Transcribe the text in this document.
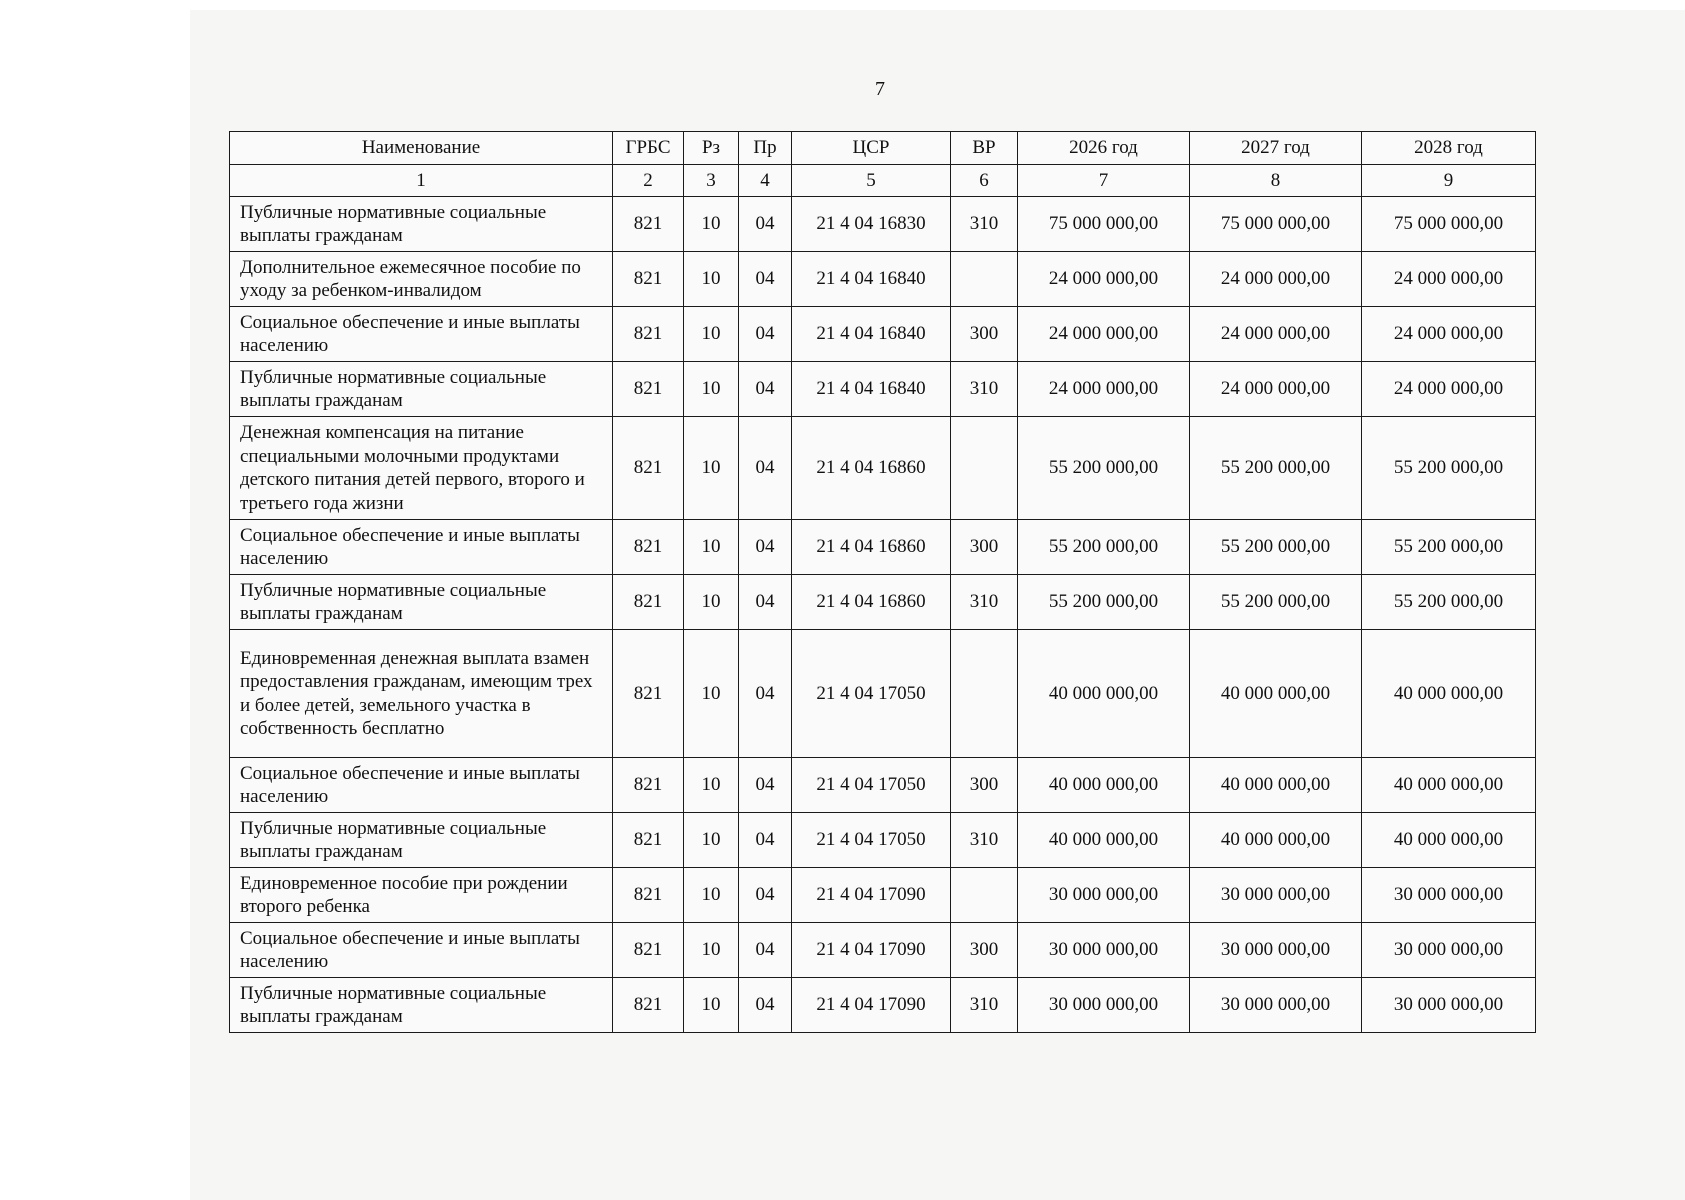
7
Наименование	ГРБС	Рз	Пр	ЦСР	ВР	2026 год	2027 год	2028 год
1	2	3	4	5	6	7	8	9
Публичные нормативные социальные выплаты гражданам	821	10	04	21 4 04 16830	310	75 000 000,00	75 000 000,00	75 000 000,00
Дополнительное ежемесячное пособие по уходу за ребенком-инвалидом	821	10	04	21 4 04 16840		24 000 000,00	24 000 000,00	24 000 000,00
Социальное обеспечение и иные выплаты населению	821	10	04	21 4 04 16840	300	24 000 000,00	24 000 000,00	24 000 000,00
Публичные нормативные социальные выплаты гражданам	821	10	04	21 4 04 16840	310	24 000 000,00	24 000 000,00	24 000 000,00
Денежная компенсация на питание специальными молочными продуктами детского питания детей первого, второго и третьего года жизни	821	10	04	21 4 04 16860		55 200 000,00	55 200 000,00	55 200 000,00
Социальное обеспечение и иные выплаты населению	821	10	04	21 4 04 16860	300	55 200 000,00	55 200 000,00	55 200 000,00
Публичные нормативные социальные выплаты гражданам	821	10	04	21 4 04 16860	310	55 200 000,00	55 200 000,00	55 200 000,00
Единовременная денежная выплата взамен предоставления гражданам, имеющим трех и более детей, земельного участка в собственность бесплатно	821	10	04	21 4 04 17050		40 000 000,00	40 000 000,00	40 000 000,00
Социальное обеспечение и иные выплаты населению	821	10	04	21 4 04 17050	300	40 000 000,00	40 000 000,00	40 000 000,00
Публичные нормативные социальные выплаты гражданам	821	10	04	21 4 04 17050	310	40 000 000,00	40 000 000,00	40 000 000,00
Единовременное пособие при рождении второго ребенка	821	10	04	21 4 04 17090		30 000 000,00	30 000 000,00	30 000 000,00
Социальное обеспечение и иные выплаты населению	821	10	04	21 4 04 17090	300	30 000 000,00	30 000 000,00	30 000 000,00
Публичные нормативные социальные выплаты гражданам	821	10	04	21 4 04 17090	310	30 000 000,00	30 000 000,00	30 000 000,00
